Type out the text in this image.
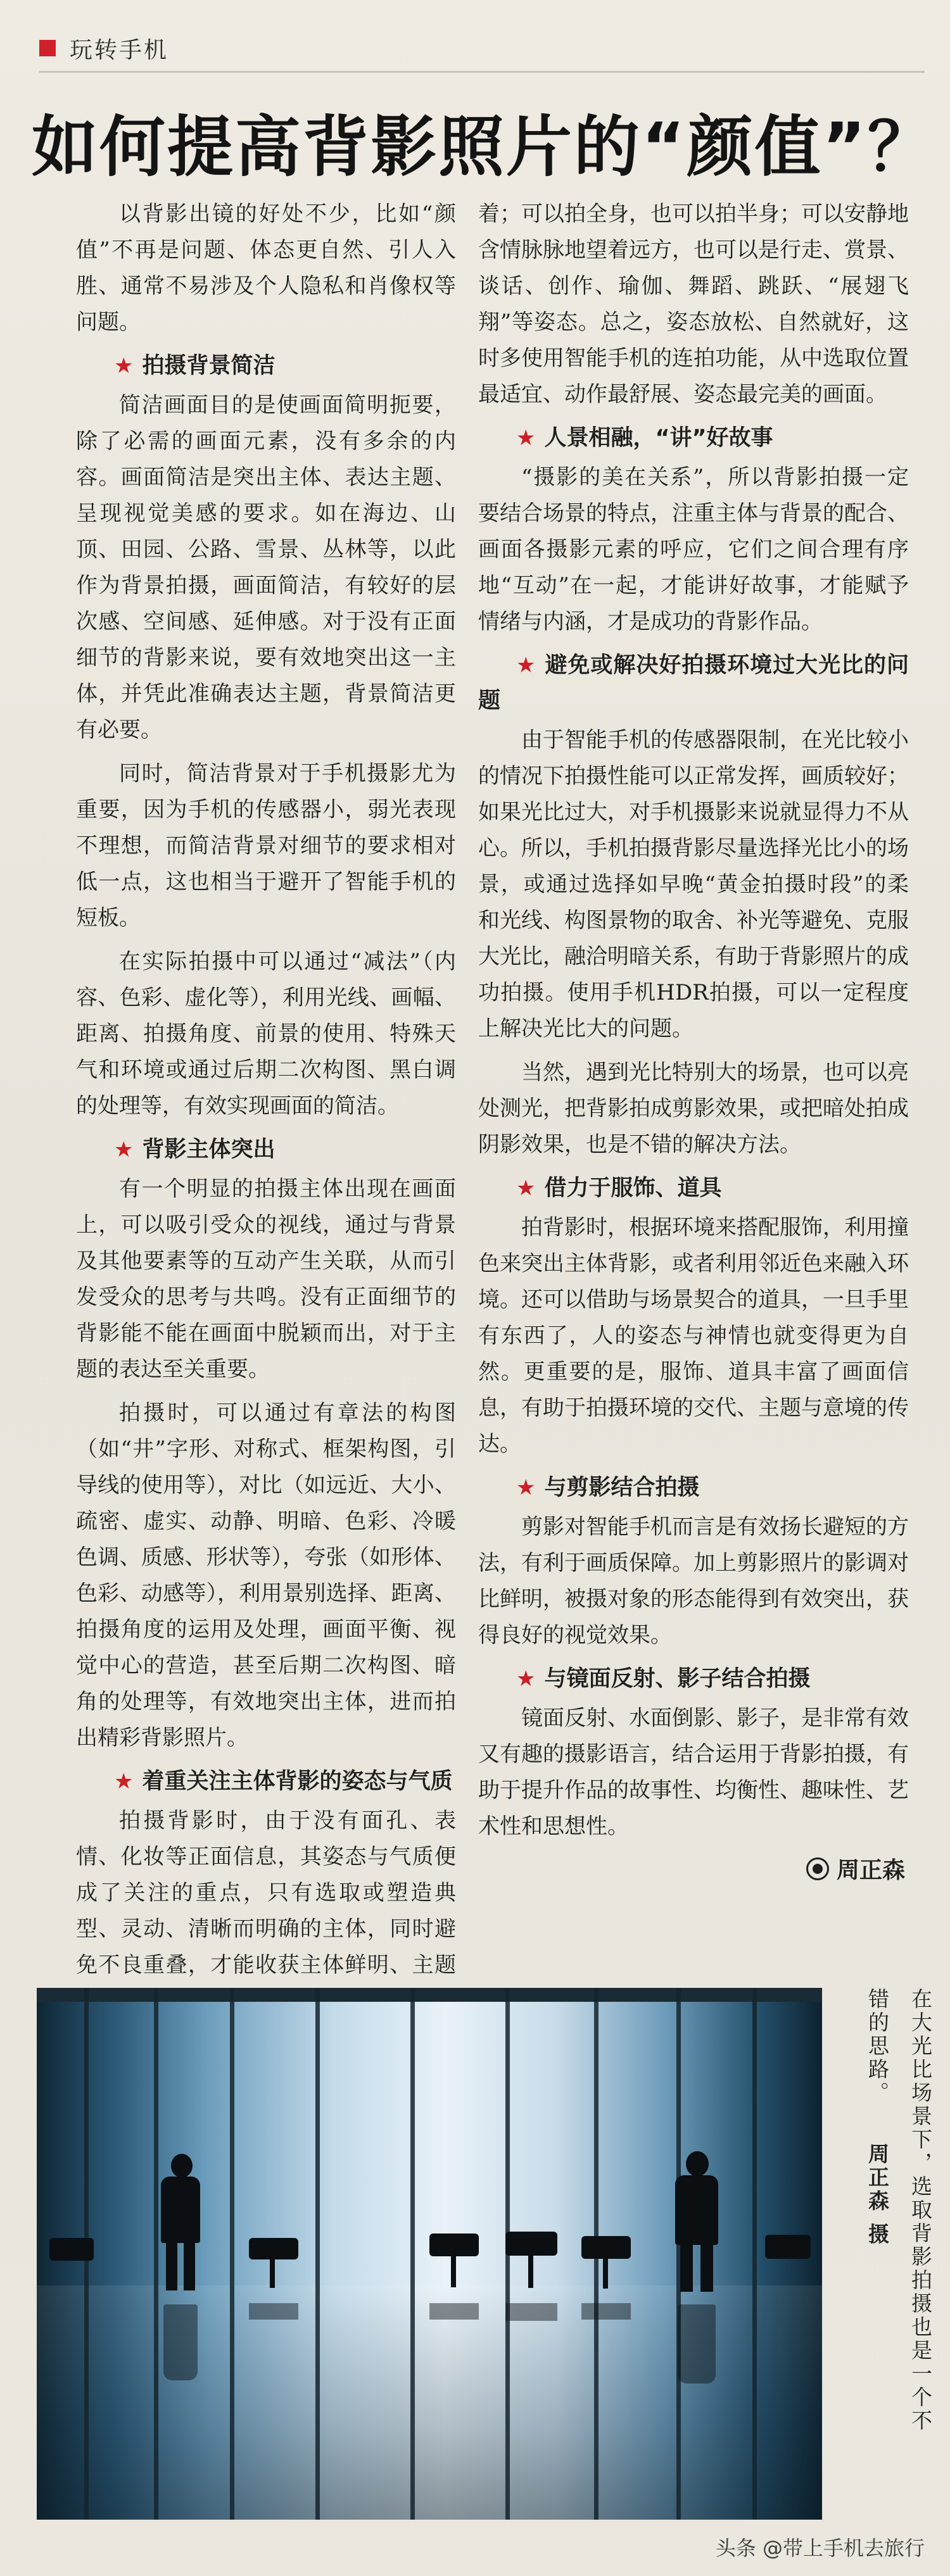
玩转手机
如何提高背影照片的“颜值”？

以背影出镜的好处不少，比如“颜值”不再是问题、体态更自然、引人入胜、通常不易涉及个人隐私和肖像权等问题。

★ 拍摄背景简洁

简洁画面目的是使画面简明扼要，除了必需的画面元素，没有多余的内容。画面简洁是突出主体、表达主题、呈现视觉美感的要求。如在海边、山顶、田园、公路、雪景、丛林等，以此作为背景拍摄，画面简洁，有较好的层次感、空间感、延伸感。对于没有正面细节的背影来说，要有效地突出这一主体，并凭此准确表达主题，背景简洁更有必要。

同时，简洁背景对于手机摄影尤为重要，因为手机的传感器小，弱光表现不理想，而简洁背景对细节的要求相对低一点，这也相当于避开了智能手机的短板。

在实际拍摄中可以通过“减法”（内容、色彩、虚化等），利用光线、画幅、距离、拍摄角度、前景的使用、特殊天气和环境或通过后期二次构图、黑白调的处理等，有效实现画面的简洁。

★ 背影主体突出

有一个明显的拍摄主体出现在画面上，可以吸引受众的视线，通过与背景及其他要素等的互动产生关联，从而引发受众的思考与共鸣。没有正面细节的背影能不能在画面中脱颖而出，对于主题的表达至关重要。

拍摄时，可以通过有章法的构图（如“井”字形、对称式、框架构图，引导线的使用等），对比（如远近、大小、疏密、虚实、动静、明暗、色彩、冷暖色调、质感、形状等），夸张（如形体、色彩、动感等），利用景别选择、距离、拍摄角度的运用及处理，画面平衡、视觉中心的营造，甚至后期二次构图、暗角的处理等，有效地突出主体，进而拍出精彩背影照片。

★ 着重关注主体背影的姿态与气质

拍摄背影时，由于没有面孔、表情、化妆等正面信息，其姿态与气质便成了关注的重点，只有选取或塑造典型、灵动、清晰而明确的主体，同时避免不良重叠，才能收获主体鲜明、主题

着；可以拍全身，也可以拍半身；可以安静地含情脉脉地望着远方，也可以是行走、赏景、谈话、创作、瑜伽、舞蹈、跳跃、“展翅飞翔”等姿态。总之，姿态放松、自然就好，这时多使用智能手机的连拍功能，从中选取位置最适宜、动作最舒展、姿态最完美的画面。

★ 人景相融，“讲”好故事

“摄影的美在关系”，所以背影拍摄一定要结合场景的特点，注重主体与背景的配合、画面各摄影元素的呼应，它们之间合理有序地“互动”在一起，才能讲好故事，才能赋予情绪与内涵，才是成功的背影作品。

★ 避免或解决好拍摄环境过大光比的问题

由于智能手机的传感器限制，在光比较小的情况下拍摄性能可以正常发挥，画质较好；如果光比过大，对手机摄影来说就显得力不从心。所以，手机拍摄背影尽量选择光比小的场景，或通过选择如早晚“黄金拍摄时段”的柔和光线、构图景物的取舍、补光等避免、克服大光比，融洽明暗关系，有助于背影照片的成功拍摄。使用手机HDR拍摄，可以一定程度上解决光比大的问题。

当然，遇到光比特别大的场景，也可以亮处测光，把背影拍成剪影效果，或把暗处拍成阴影效果，也是不错的解决方法。

★ 借力于服饰、道具

拍背影时，根据环境来搭配服饰，利用撞色来突出主体背影，或者利用邻近色来融入环境。还可以借助与场景契合的道具，一旦手里有东西了，人的姿态与神情也就变得更为自然。更重要的是，服饰、道具丰富了画面信息，有助于拍摄环境的交代、主题与意境的传达。

★ 与剪影结合拍摄

剪影对智能手机而言是有效扬长避短的方法，有利于画质保障。加上剪影照片的影调对比鲜明，被摄对象的形态能得到有效突出，获得良好的视觉效果。

★ 与镜面反射、影子结合拍摄

镜面反射、水面倒影、影子，是非常有效又有趣的摄影语言，结合运用于背影拍摄，有助于提升作品的故事性、均衡性、趣味性、艺术性和思想性。

周正森
在大光比场景下，选取背影拍摄也是一个不
错的思路。周正森 摄
头条 @带上手机去旅行
